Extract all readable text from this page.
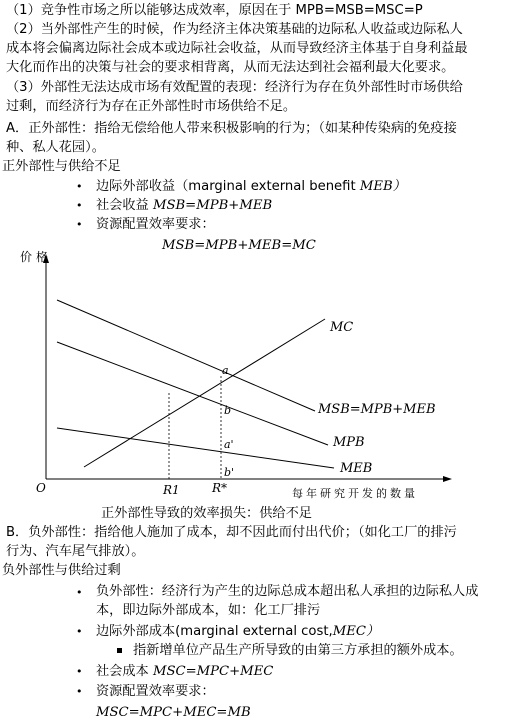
（1）竞争性市场之所以能够达成效率，原因在于 MPB=MSB=MSC=P
（2）当外部性产生的时候，作为经济主体决策基础的边际私人收益或边际私人
成本将会偏离边际社会成本或边际社会收益，从而导致经济主体基于自身利益最
大化而作出的决策与社会的要求相背离，从而无法达到社会福利最大化要求。
（3）外部性无法达成市场有效配置的表现：经济行为存在负外部性时市场供给
过剩，而经济行为存在正外部性时市场供给不足。
A．正外部性：指给无偿给他人带来积极影响的行为；（如某种传染病的免疫接
种、私人花园）。
正外部性与供给不足
• 边际外部收益（marginal external benefit MEB）
• 社会收益 MSB=MPB+MEB
• 资源配置效率要求：
MSB=MPB+MEB=MC
价格
每年研究开发的数量
O
MC
MSB=MPB+MEB
MPB
MEB
a
b
a'
b'
R1	R*
正外部性导致的效率损失：供给不足
B．负外部性：指给他人施加了成本，却不因此而付出代价；（如化工厂的排污
行为、汽车尾气排放）。
负外部性与供给过剩
• 负外部性：经济行为产生的边际总成本超出私人承担的边际私人成
本，即边际外部成本，如：化工厂排污
• 边际外部成本(marginal external cost,MEC）
指新增单位产品生产所导致的由第三方承担的额外成本。
• 社会成本 MSC=MPC+MEC
• 资源配置效率要求：
MSC=MPC+MEC=MB
